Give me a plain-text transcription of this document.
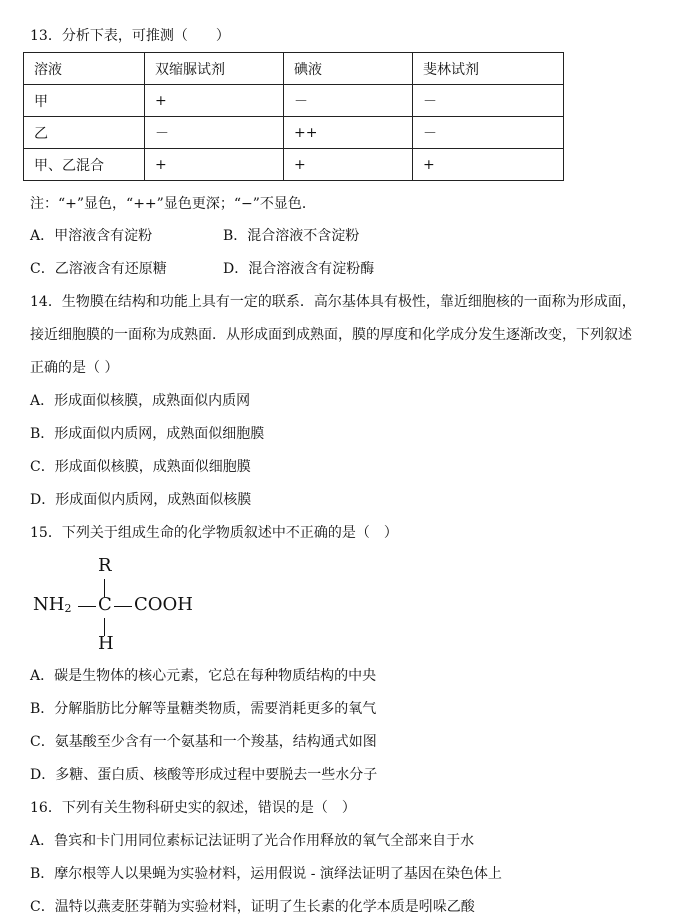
13．分析下表，可推测（　　）
溶液	双缩脲试剂	碘液	斐林试剂
甲	+	－	－
乙	－	++	－
甲、乙混合	+	+	+
注：“+”显色，“++”显色更深；“−”不显色．
A．甲溶液含有淀粉	B．混合溶液不含淀粉
C．乙溶液含有还原糖	D．混合溶液含有淀粉酶
14．生物膜在结构和功能上具有一定的联系．高尔基体具有极性，靠近细胞核的一面称为形成面，
接近细胞膜的一面称为成熟面．从形成面到成熟面，膜的厚度和化学成分发生逐渐改变，下列叙述
正确的是（ ）
A．形成面似核膜，成熟面似内质网
B．形成面似内质网，成熟面似细胞膜
C．形成面似核膜，成熟面似细胞膜
D．形成面似内质网，成熟面似核膜
15．下列关于组成生命的化学物质叙述中不正确的是（　）
R
NH2 C COOH
H
A．碳是生物体的核心元素，它总在每种物质结构的中央
B．分解脂肪比分解等量糖类物质，需要消耗更多的氧气
C．氨基酸至少含有一个氨基和一个羧基，结构通式如图
D．多糖、蛋白质、核酸等形成过程中要脱去一些水分子
16．下列有关生物科研史实的叙述，错误的是（　）
A．鲁宾和卡门用同位素标记法证明了光合作用释放的氧气全部来自于水
B．摩尔根等人以果蝇为实验材料，运用假说 - 演绎法证明了基因在染色体上
C．温特以燕麦胚芽鞘为实验材料，证明了生长素的化学本质是吲哚乙酸
